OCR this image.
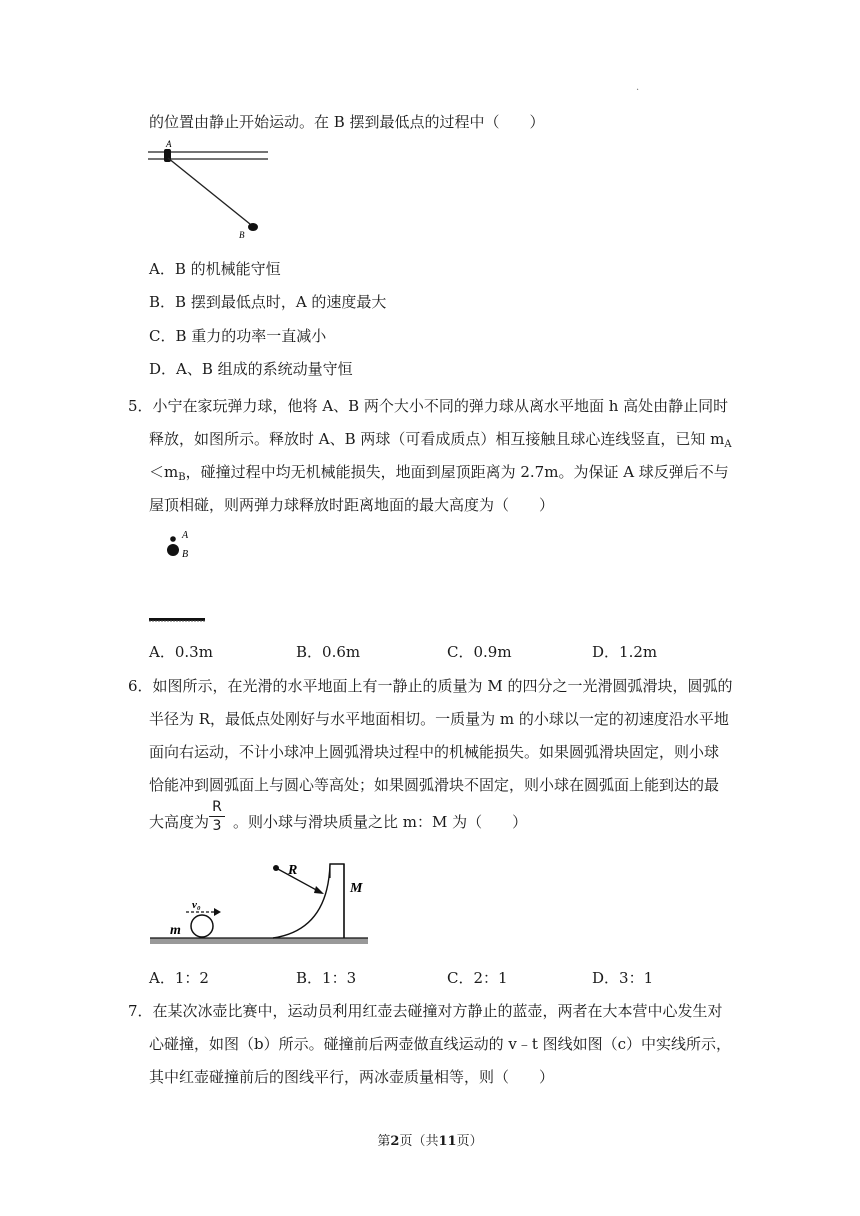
.
的位置由静止开始运动。在 B 摆到最低点的过程中（　　）
A
B
A．B 的机械能守恒
B．B 摆到最低点时，A 的速度最大
C．B 重力的功率一直减小
D．A、B 组成的系统动量守恒
5．小宁在家玩弹力球，他将 A、B 两个大小不同的弹力球从离水平地面 h 高处由静止同时
释放，如图所示。释放时 A、B 两球（可看成质点）相互接触且球心连线竖直，已知 $m_A$
$<m_B$，碰撞过程中均无机械能损失，地面到屋顶距离为 2.7m。为保证 A 球反弹后不与
屋顶相碰，则两弹力球释放时距离地面的最大高度为（　　）
A
B
A．0.3m	B．0.6m	C．0.9m	D．1.2m
6．如图所示，在光滑的水平地面上有一静止的质量为 M 的四分之一光滑圆弧滑块，圆弧的
半径为 R，最低点处刚好与水平地面相切。一质量为 m 的小球以一定的初速度沿水平地
面向右运动，不计小球冲上圆弧滑块过程中的机械能损失。如果圆弧滑块固定，则小球
恰能冲到圆弧面上与圆心等高处；如果圆弧滑块不固定，则小球在圆弧面上能到达的最
大高度为 。则小球与滑块质量之比 m：M 为（　　）
R
3
m
v₀
R
M
A．1：2	B．1：3	C．2：1	D．3：1
7．在某次冰壶比赛中，运动员利用红壶去碰撞对方静止的蓝壶，两者在大本营中心发生对
心碰撞，如图（b）所示。碰撞前后两壶做直线运动的 v﹣t 图线如图（c）中实线所示，
其中红壶碰撞前后的图线平行，两冰壶质量相等，则（　　）
第2页（共11页）
